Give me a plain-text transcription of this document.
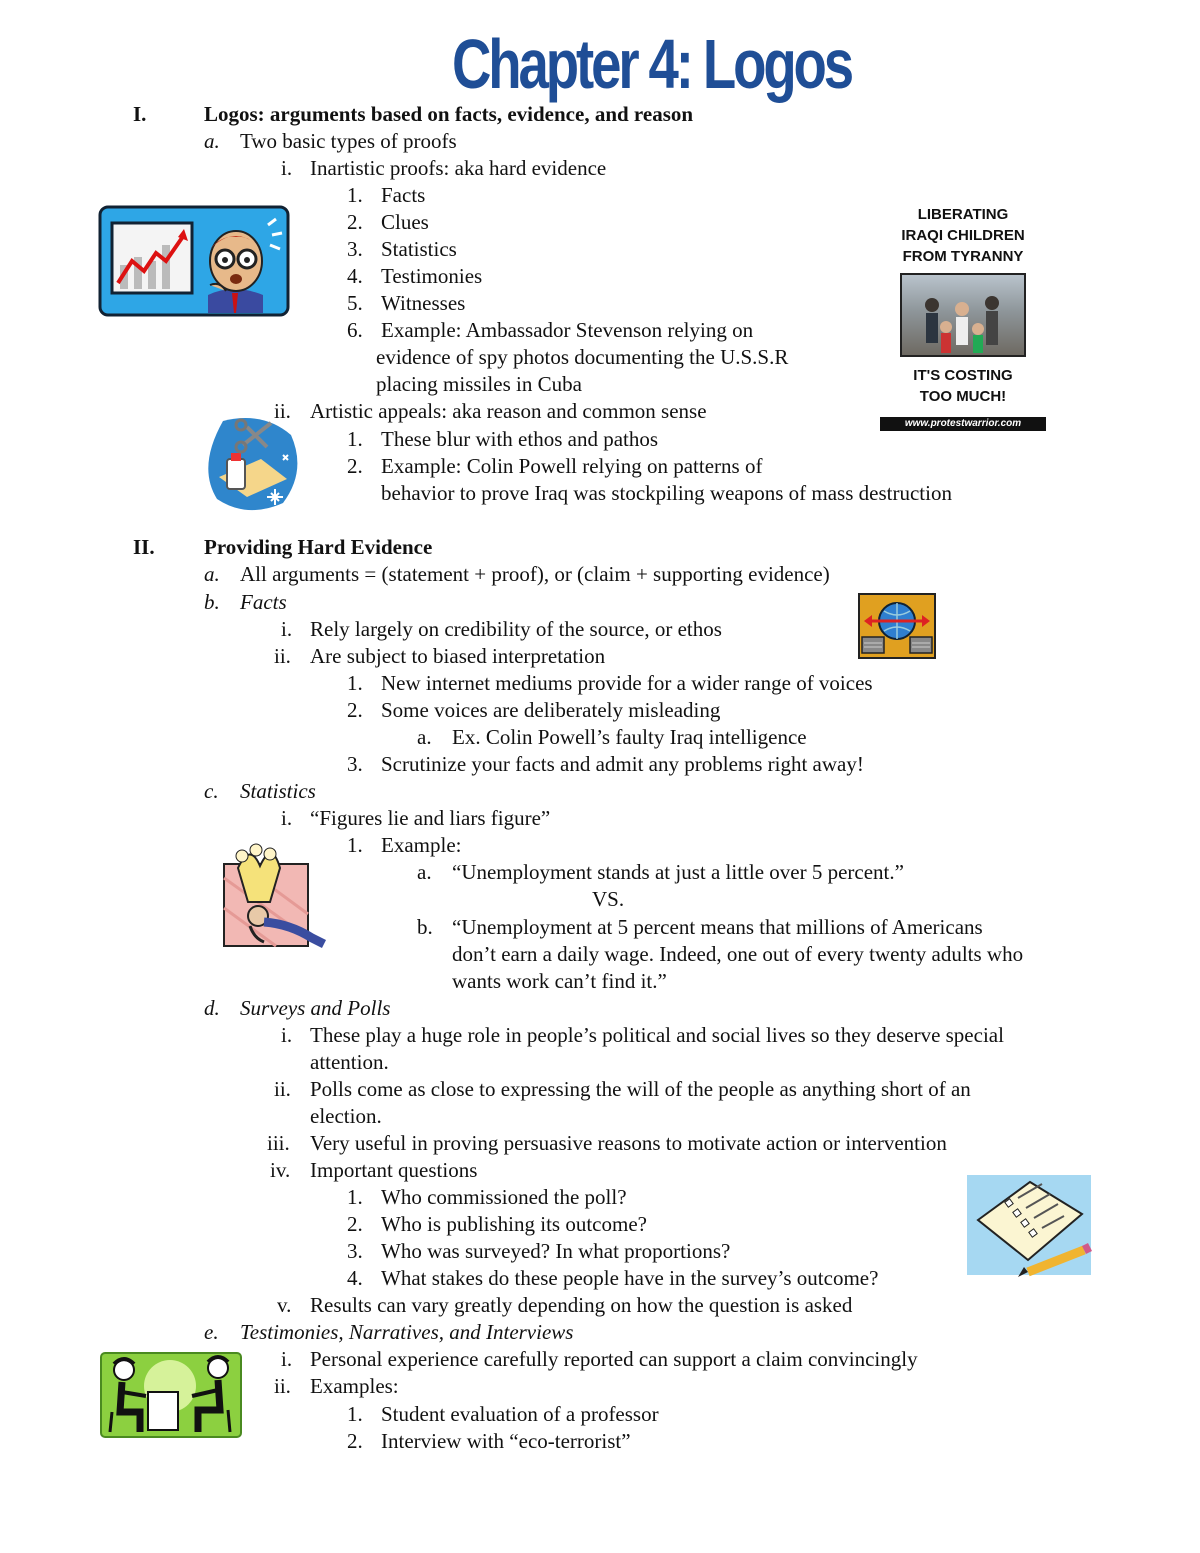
Chapter 4: Logos
I.	Logos: arguments based on facts, evidence, and reason
a. Two basic types of proofs
i. Inartistic proofs: aka hard evidence
1. Facts
2. Clues
3. Statistics
4. Testimonies
5. Witnesses
6. Example: Ambassador Stevenson relying on
evidence of spy photos documenting the U.S.S.R
placing missiles in Cuba
ii. Artistic appeals: aka reason and common sense
1. These blur with ethos and pathos
2. Example: Colin Powell relying on patterns of
behavior to prove Iraq was stockpiling weapons of mass destruction
II. Providing Hard Evidence
a. All arguments = (statement + proof), or (claim + supporting evidence)
b. Facts
i. Rely largely on credibility of the source, or ethos
ii. Are subject to biased interpretation
1. New internet mediums provide for a wider range of voices
2. Some voices are deliberately misleading
a. Ex. Colin Powell’s faulty Iraq intelligence
3. Scrutinize your facts and admit any problems right away!
c. Statistics
i. “Figures lie and liars figure”
1. Example:
a. “Unemployment stands at just a little over 5 percent.”
VS.
b. “Unemployment at 5 percent means that millions of Americans
don’t earn a daily wage. Indeed, one out of every twenty adults who
wants work can’t find it.”
d. Surveys and Polls
i. These play a huge role in people’s political and social lives so they deserve special
attention.
ii. Polls come as close to expressing the will of the people as anything short of an
election.
iii. Very useful in proving persuasive reasons to motivate action or intervention
iv. Important questions
1. Who commissioned the poll?
2. Who is publishing its outcome?
3. Who was surveyed? In what proportions?
4. What stakes do these people have in the survey’s outcome?
v. Results can vary greatly depending on how the question is asked
e. Testimonies, Narratives, and Interviews
i. Personal experience carefully reported can support a claim convincingly
ii. Examples:
1. Student evaluation of a professor
2. Interview with “eco-terrorist”
LIBERATING
IRAQI CHILDREN
FROM TYRANNY
IT'S COSTING
TOO MUCH!
www.protestwarrior.com
